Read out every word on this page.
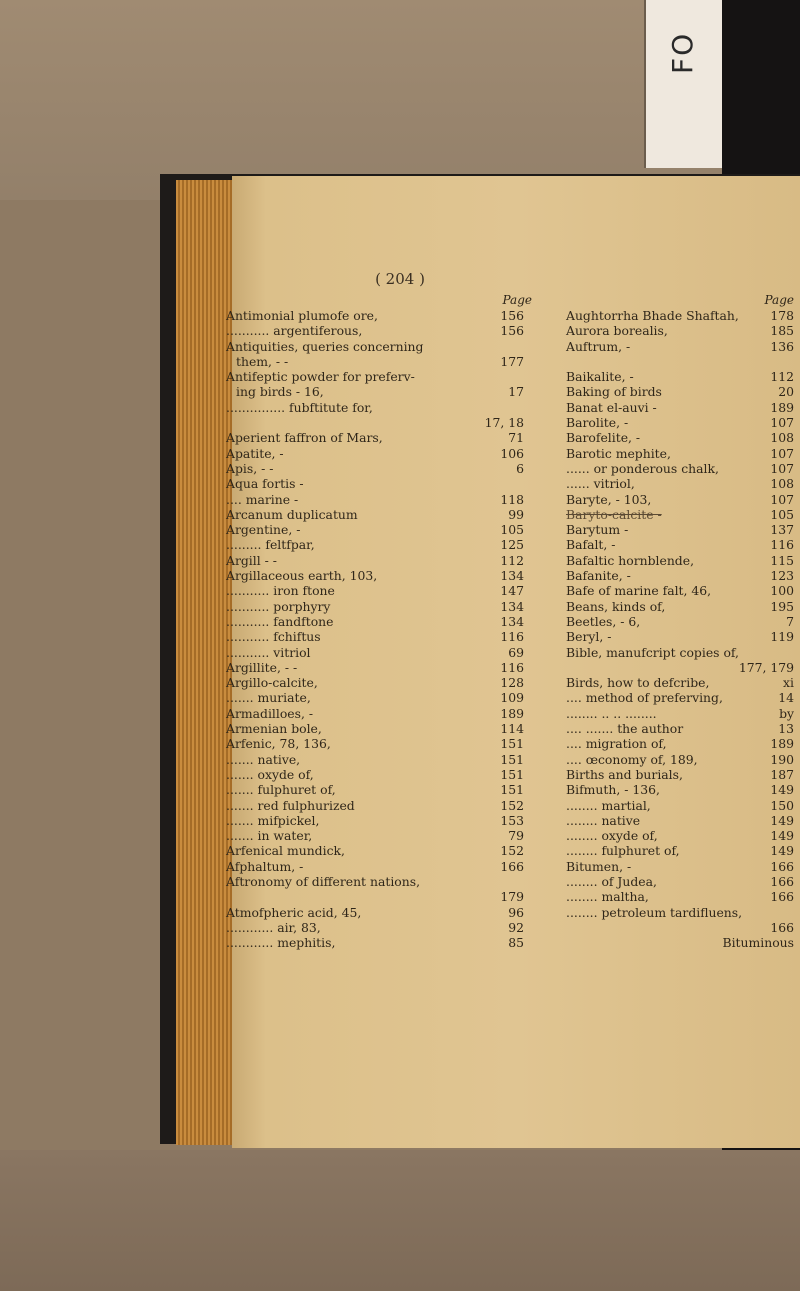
FO
( 204 )
Page
Antimonial plumofe ore,	156
........... argentiferous,	156
Antiquities, queries concerning
them, - -	177
Antifeptic powder for preferv-
ing birds - 16,	17
............... fubftitute for,
17, 18
Aperient faffron of Mars,	71
Apatite, -	106
Apis, - -	6
Aqua fortis -
.... marine -	118
Arcanum duplicatum	99
Argentine, -	105
......... feltfpar,	125
Argill - -	112
Argillaceous earth, 103,	134
........... iron ftone	147
........... porphyry	134
........... fandftone	134
........... fchiftus	116
........... vitriol	69
Argillite, - -	116
Argillo-calcite,	128
....... muriate,	109
Armadilloes, -	189
Armenian bole,	114
Arfenic, 78, 136,	151
....... native,	151
....... oxyde of,	151
....... fulphuret of,	151
....... red fulphurized	152
....... mifpickel,	153
....... in water,	79
Arfenical mundick,	152
Afphaltum, -	166
Aftronomy of different nations,
179
Atmofpheric acid, 45,	96
............ air, 83,	92
............ mephitis,	85
Page
Aughtorrha Bhade Shaftah,	178
Aurora borealis,	185
Auftrum, -	136
Baikalite, -	112
Baking of birds	20
Banat el-auvi -	189
Barolite, -	107
Barofelite, -	108
Barotic mephite,	107
...... or ponderous chalk,	107
...... vitriol,	108
Baryte, - 103,	107
Baryto-calcite -	105
Barytum -	137
Bafalt, -	116
Bafaltic hornblende,	115
Bafanite, -	123
Bafe of marine falt, 46,	100
Beans, kinds of,	195
Beetles, - 6,	7
Beryl, -	119
Bible, manufcript copies of,
177, 179
Birds, how to defcribe,	xi
.... method of preferving,	14
........ .. .. ........	by
.... ....... the author	13
.... migration of,	189
.... œconomy of, 189,	190
Births and burials,	187
Bifmuth, - 136,	149
........ martial,	150
........ native	149
........ oxyde of,	149
........ fulphuret of,	149
Bitumen, -	166
........ of Judea,	166
........ maltha,	166
........ petroleum tardifluens,
166
Bituminous
